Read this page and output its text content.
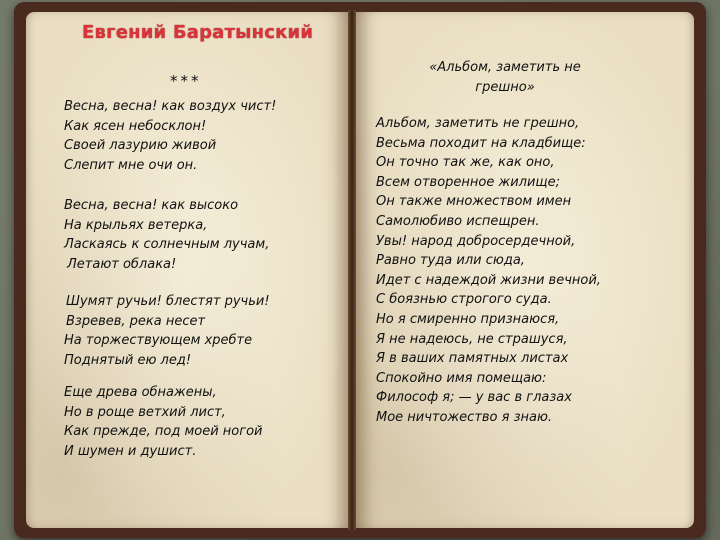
Евгений Баратынский
***
Весна, весна! как воздух чист!
Как ясен небосклон!
Своей лазурию живой
Слепит мне очи он.
Весна, весна! как высоко
На крыльях ветерка,
Ласкаясь к солнечным лучам,
Летают облака!
Шумят ручьи! блестят ручьи!
Взревев, река несет
На торжествующем хребте
Поднятый ею лед!
Еще древа обнажены,
Но в роще ветхий лист,
Как прежде, под моей ногой
И шумен и душист.
«Альбом, заметить не
грешно»
Альбом, заметить не грешно,
Весьма походит на кладбище:
Он точно так же, как оно,
Всем отворенное жилище;
Он также множеством имен
Самолюбиво испещрен.
Увы! народ добросердечной,
Равно туда или сюда,
Идет с надеждой жизни вечной,
С боязнью строгого суда.
Но я смиренно признаюся,
Я не надеюсь, не страшуся,
Я в ваших памятных листах
Спокойно имя помещаю:
Философ я; — у вас в глазах
Мое ничтожество я знаю.
